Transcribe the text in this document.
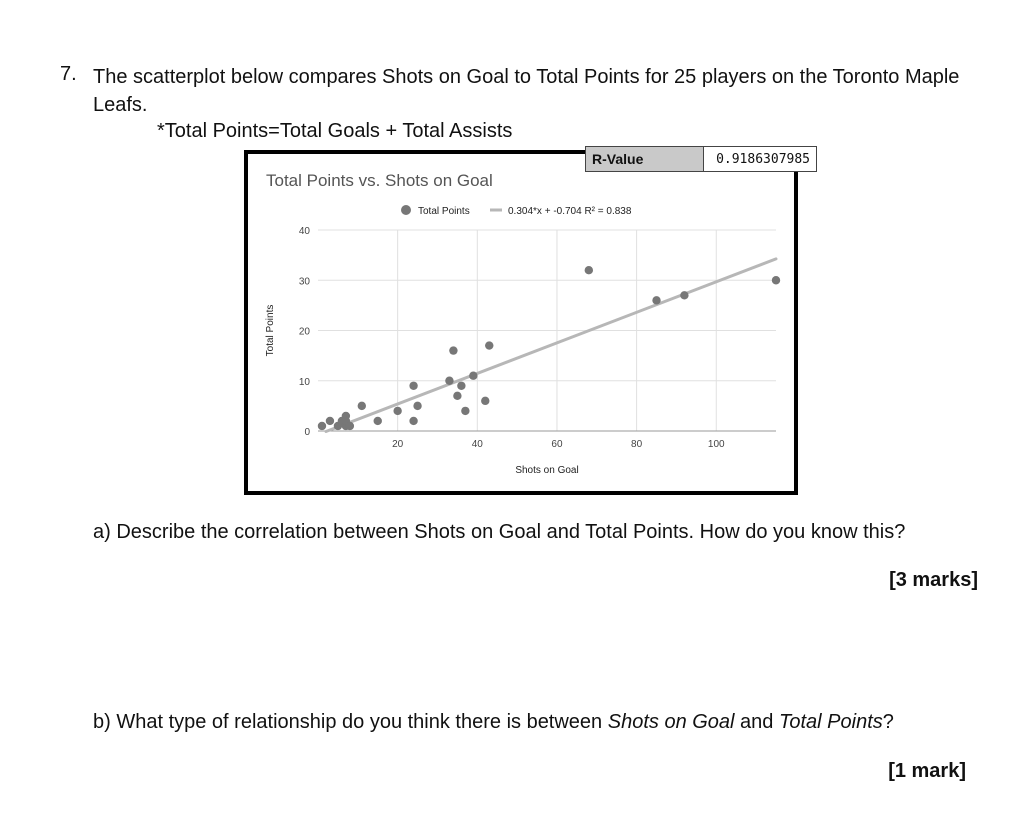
7. The scatterplot below compares Shots on Goal to Total Points for 25 players on the Toronto Maple Leafs.
*Total Points=Total Goals + Total Assists
Total Points vs. Shots on Goal
0
10
20
30
40
20	40	60	80	100
Shots on Goal
Total Points
Total Points	0.304*x + -0.704 R² = 0.838
R-Value	0.9186307985
a) Describe the correlation between Shots on Goal and Total Points. How do you know this?
[3 marks]
b) What type of relationship do you think there is between Shots on Goal and Total Points?
[1 mark]
